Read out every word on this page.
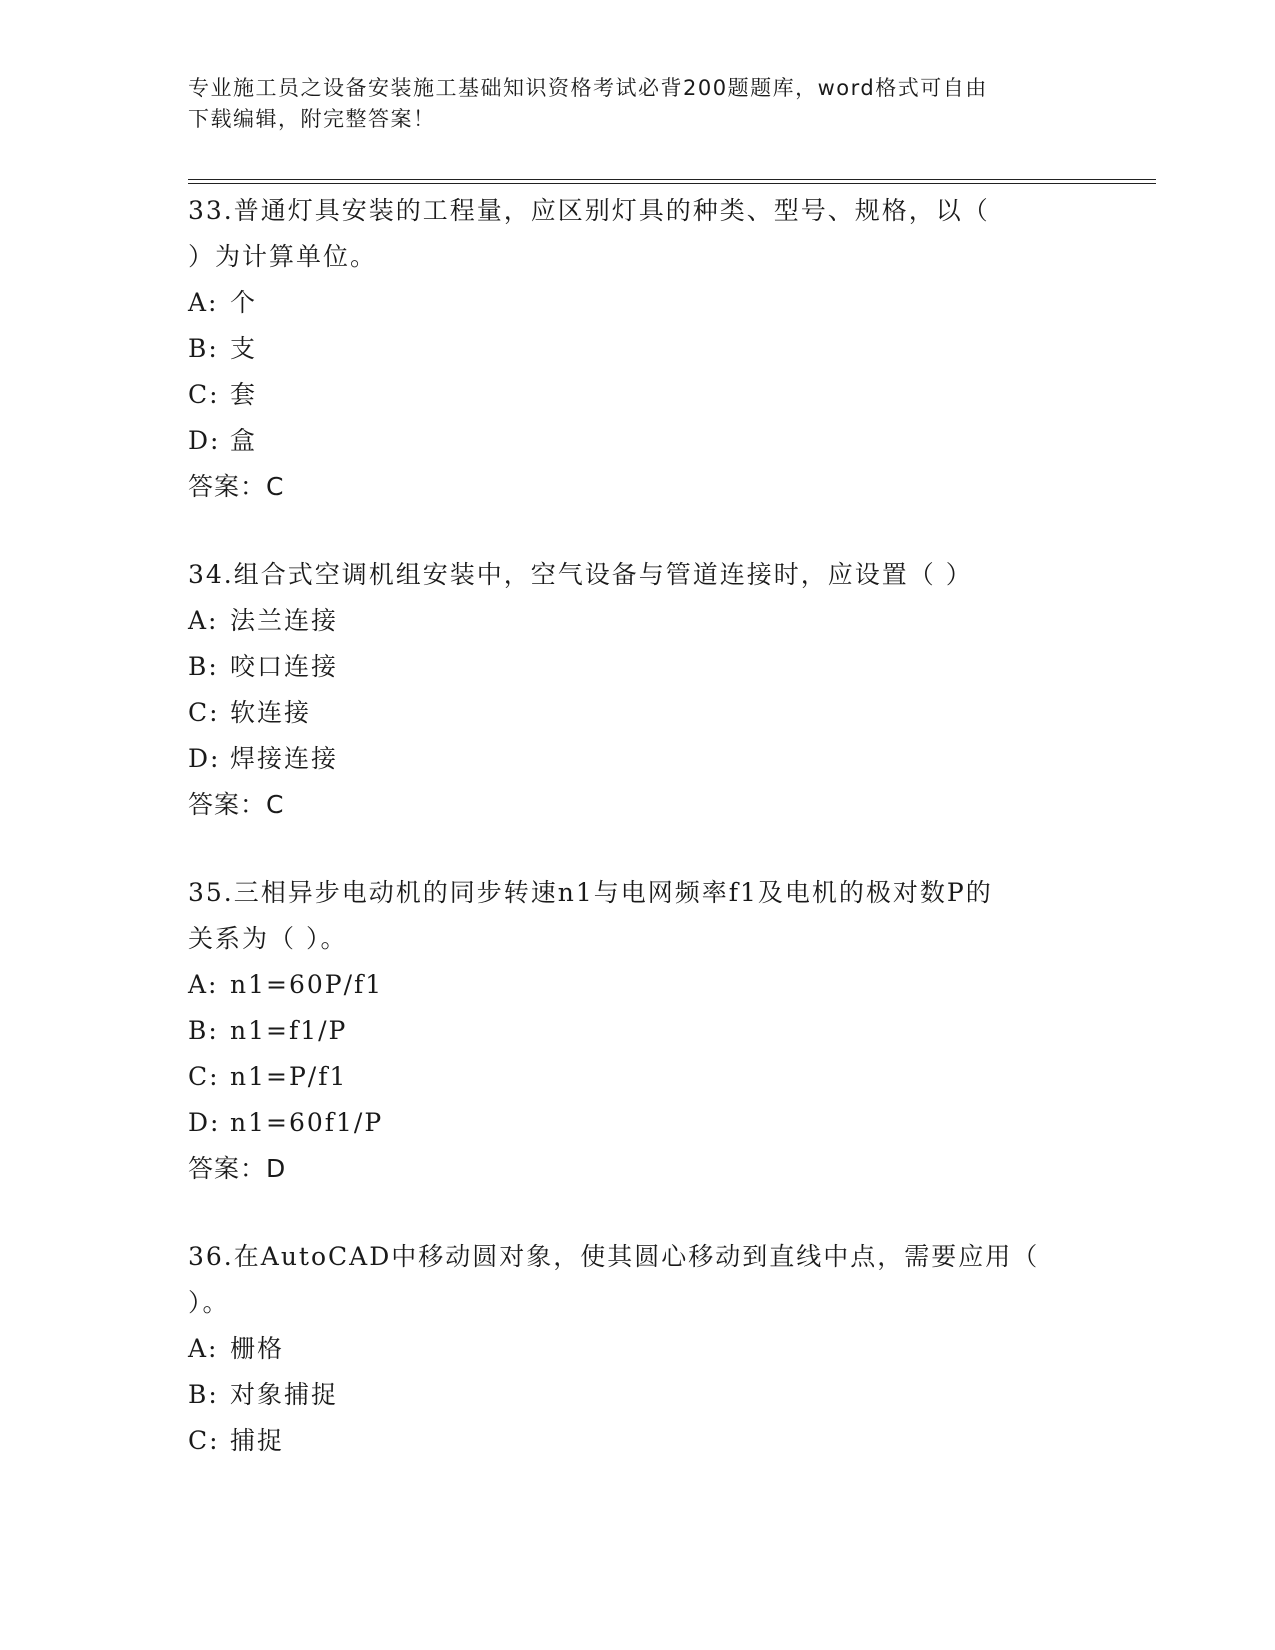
专业施工员之设备安装施工基础知识资格考试必背200题题库，word格式可自由
下载编辑，附完整答案！
33.普通灯具安装的工程量，应区别灯具的种类、型号、规格，以（
）为计算单位。
A: 个
B: 支
C: 套
D: 盒
答案：C
34.组合式空调机组安装中，空气设备与管道连接时，应设置（ ）
A: 法兰连接
B: 咬口连接
C: 软连接
D: 焊接连接
答案：C
35.三相异步电动机的同步转速n1与电网频率f1及电机的极对数P的
关系为（ ）。
A: n1=60P/f1
B: n1=f1/P
C: n1=P/f1
D: n1=60f1/P
答案：D
36.在AutoCAD中移动圆对象，使其圆心移动到直线中点，需要应用（
）。
A: 栅格
B: 对象捕捉
C: 捕捉
